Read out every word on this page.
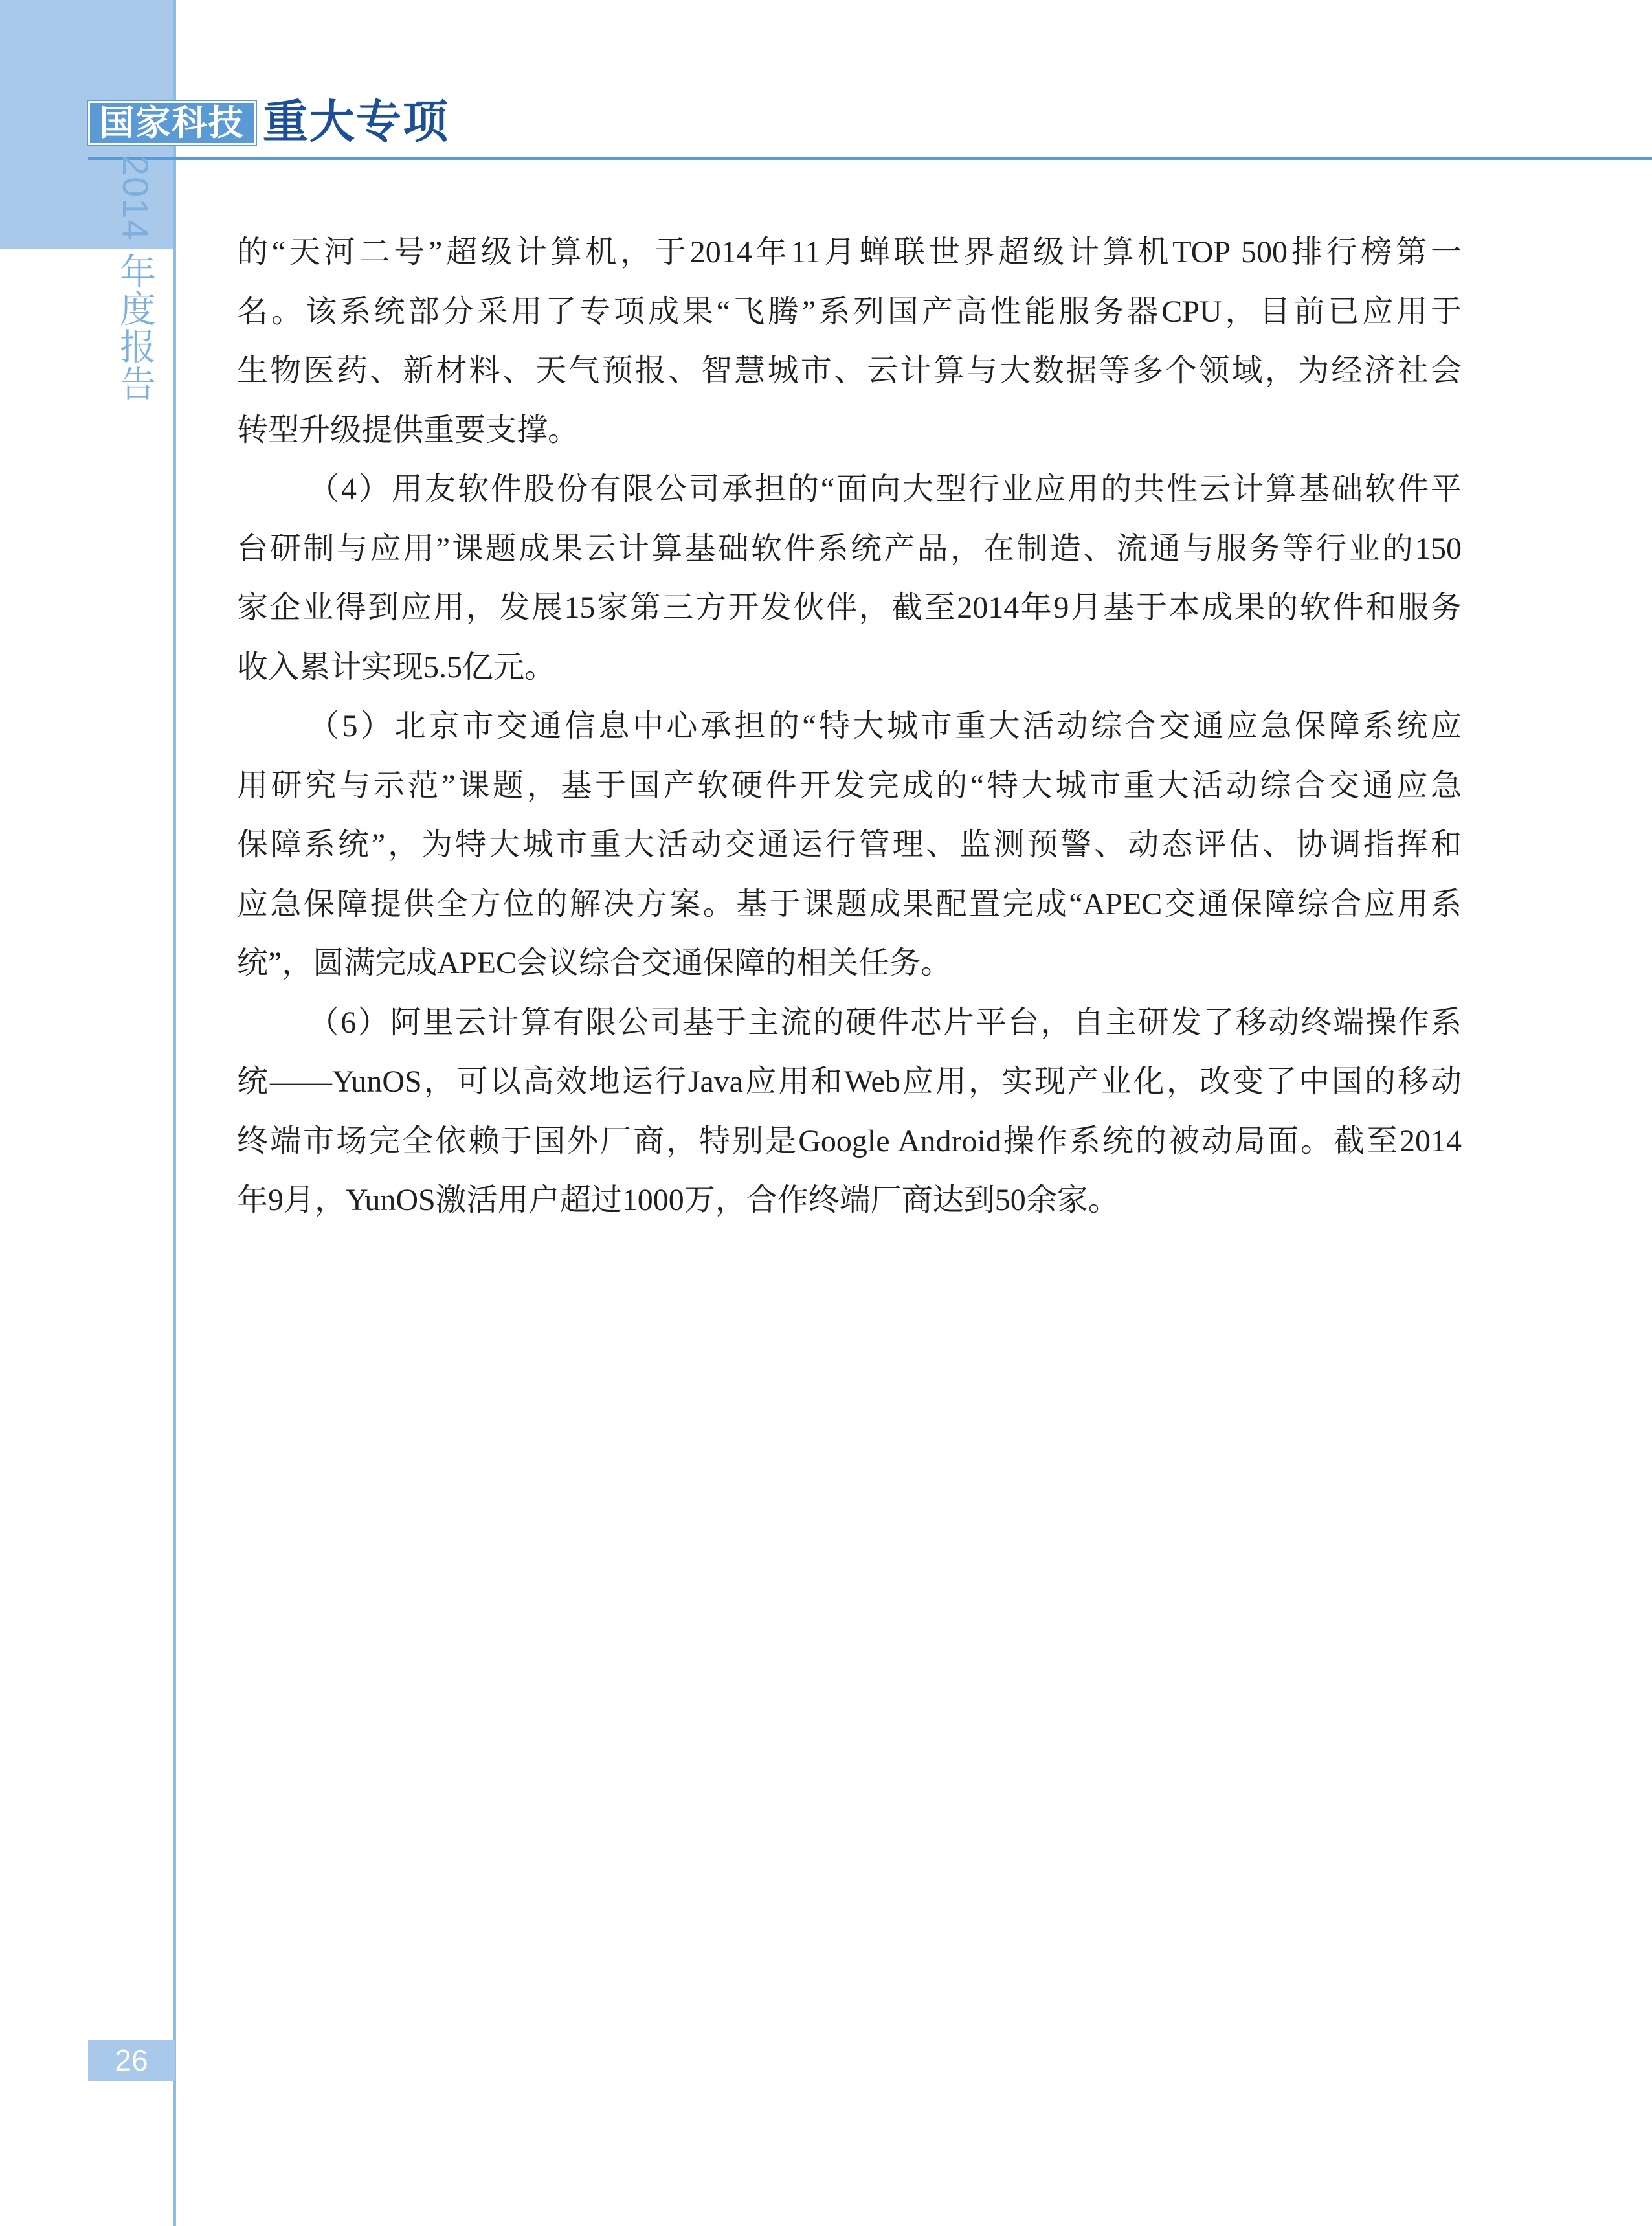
国家科技 重大专项
2014 年度报告	的“天河二号”超级计算机，于2014年11月蝉联世界超级计算机TOP 500排行榜第一
名。该系统部分采用了专项成果“飞腾”系列国产高性能服务器CPU，目前已应用于
生物医药、新材料、天气预报、智慧城市、云计算与大数据等多个领域，为经济社会
转型升级提供重要支撑。
（4）用友软件股份有限公司承担的“面向大型行业应用的共性云计算基础软件平
台研制与应用”课题成果云计算基础软件系统产品，在制造、流通与服务等行业的150
家企业得到应用，发展15家第三方开发伙伴，截至2014年9月基于本成果的软件和服务
收入累计实现5.5亿元。
（5）北京市交通信息中心承担的“特大城市重大活动综合交通应急保障系统应
用研究与示范”课题，基于国产软硬件开发完成的“特大城市重大活动综合交通应急
保障系统”，为特大城市重大活动交通运行管理、监测预警、动态评估、协调指挥和
应急保障提供全方位的解决方案。基于课题成果配置完成“APEC交通保障综合应用系
统”，圆满完成APEC会议综合交通保障的相关任务。
（6）阿里云计算有限公司基于主流的硬件芯片平台，自主研发了移动终端操作系
统——YunOS，可以高效地运行Java应用和Web应用，实现产业化，改变了中国的移动
终端市场完全依赖于国外厂商，特别是Google Android操作系统的被动局面。截至2014
年9月，YunOS激活用户超过1000万，合作终端厂商达到50余家。
26
